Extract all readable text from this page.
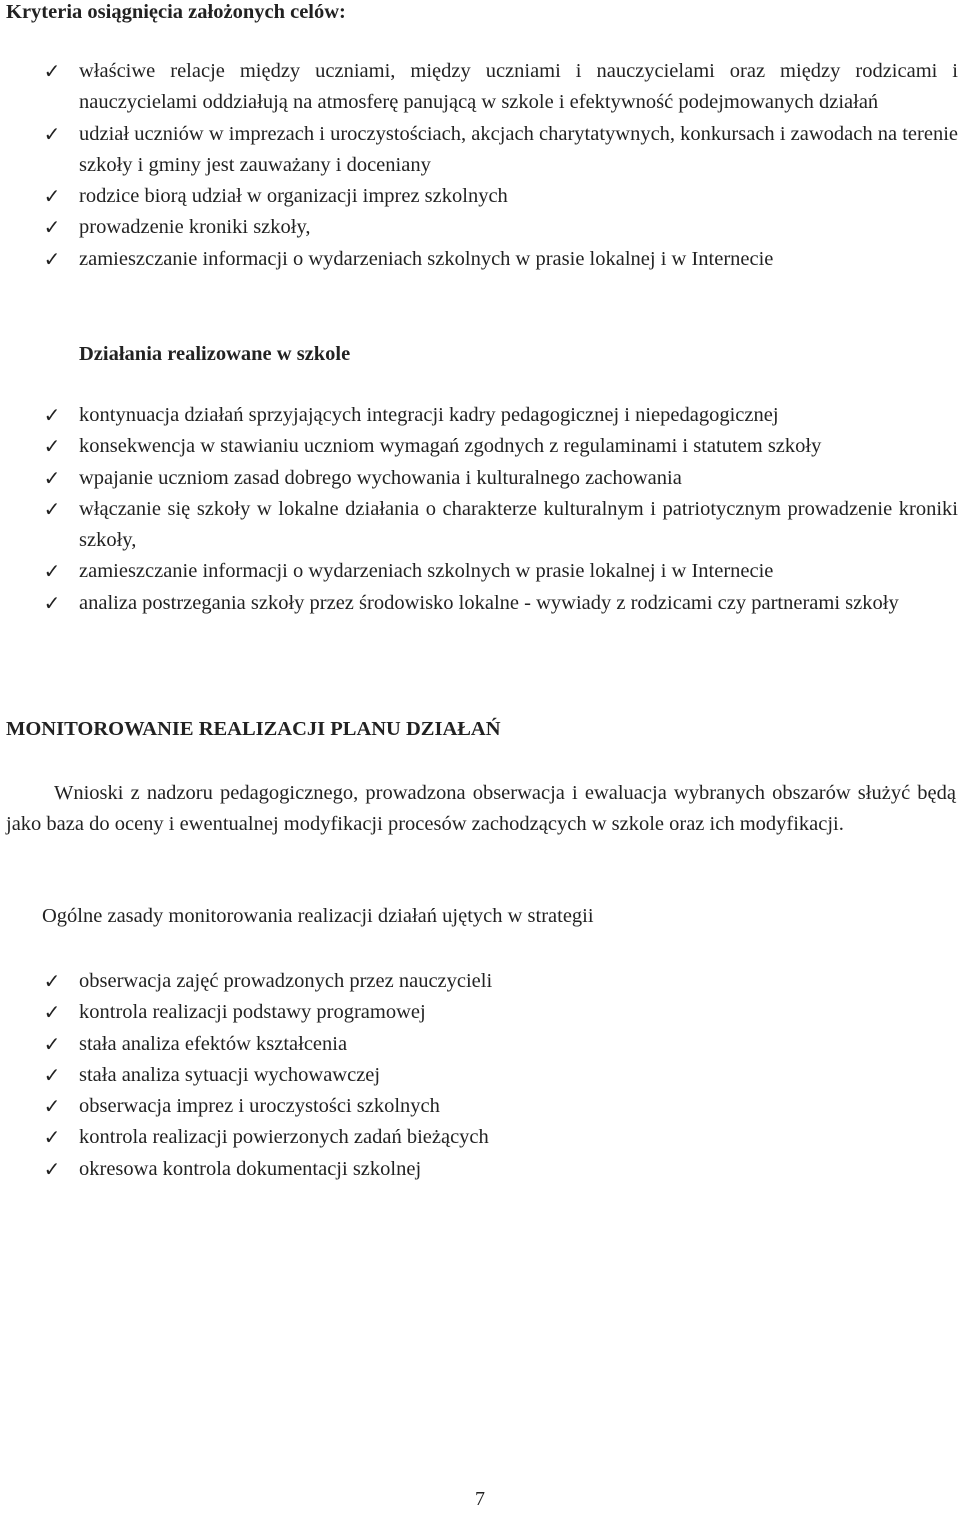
Kryteria osiągnięcia założonych celów:

✓ właściwe relacje między uczniami, między uczniami i nauczycielami oraz między rodzicami i nauczycielami oddziałują na atmosferę panującą w szkole i efektywność podejmowanych działań
✓ udział uczniów w imprezach i uroczystościach, akcjach charytatywnych, konkursach i zawodach na terenie szkoły i gminy jest zauważany i doceniany
✓ rodzice biorą udział w organizacji imprez szkolnych
✓ prowadzenie kroniki szkoły,
✓ zamieszczanie informacji o wydarzeniach szkolnych w prasie lokalnej i w Internecie

Działania realizowane w szkole

✓ kontynuacja działań sprzyjających integracji kadry pedagogicznej i niepedagogicznej
✓ konsekwencja w stawianiu uczniom wymagań zgodnych z regulaminami i statutem szkoły
✓ wpajanie uczniom zasad dobrego wychowania i kulturalnego zachowania
✓ włączanie się szkoły w lokalne działania o charakterze kulturalnym i patriotycznym prowadzenie kroniki szkoły,
✓ zamieszczanie informacji o wydarzeniach szkolnych w prasie lokalnej i w Internecie
✓ analiza postrzegania szkoły przez środowisko lokalne - wywiady z rodzicami czy partnerami szkoły

MONITOROWANIE REALIZACJI PLANU DZIAŁAŃ

Wnioski z nadzoru pedagogicznego, prowadzona obserwacja i ewaluacja wybranych obszarów służyć będą jako baza do oceny i ewentualnej modyfikacji procesów zachodzących w szkole oraz ich modyfikacji.

Ogólne zasady monitorowania realizacji działań ujętych w strategii

✓ obserwacja zajęć prowadzonych przez nauczycieli
✓ kontrola realizacji podstawy programowej
✓ stała analiza efektów kształcenia
✓ stała analiza sytuacji wychowawczej
✓ obserwacja imprez i uroczystości szkolnych
✓ kontrola realizacji powierzonych zadań bieżących
✓ okresowa kontrola dokumentacji szkolnej

7
